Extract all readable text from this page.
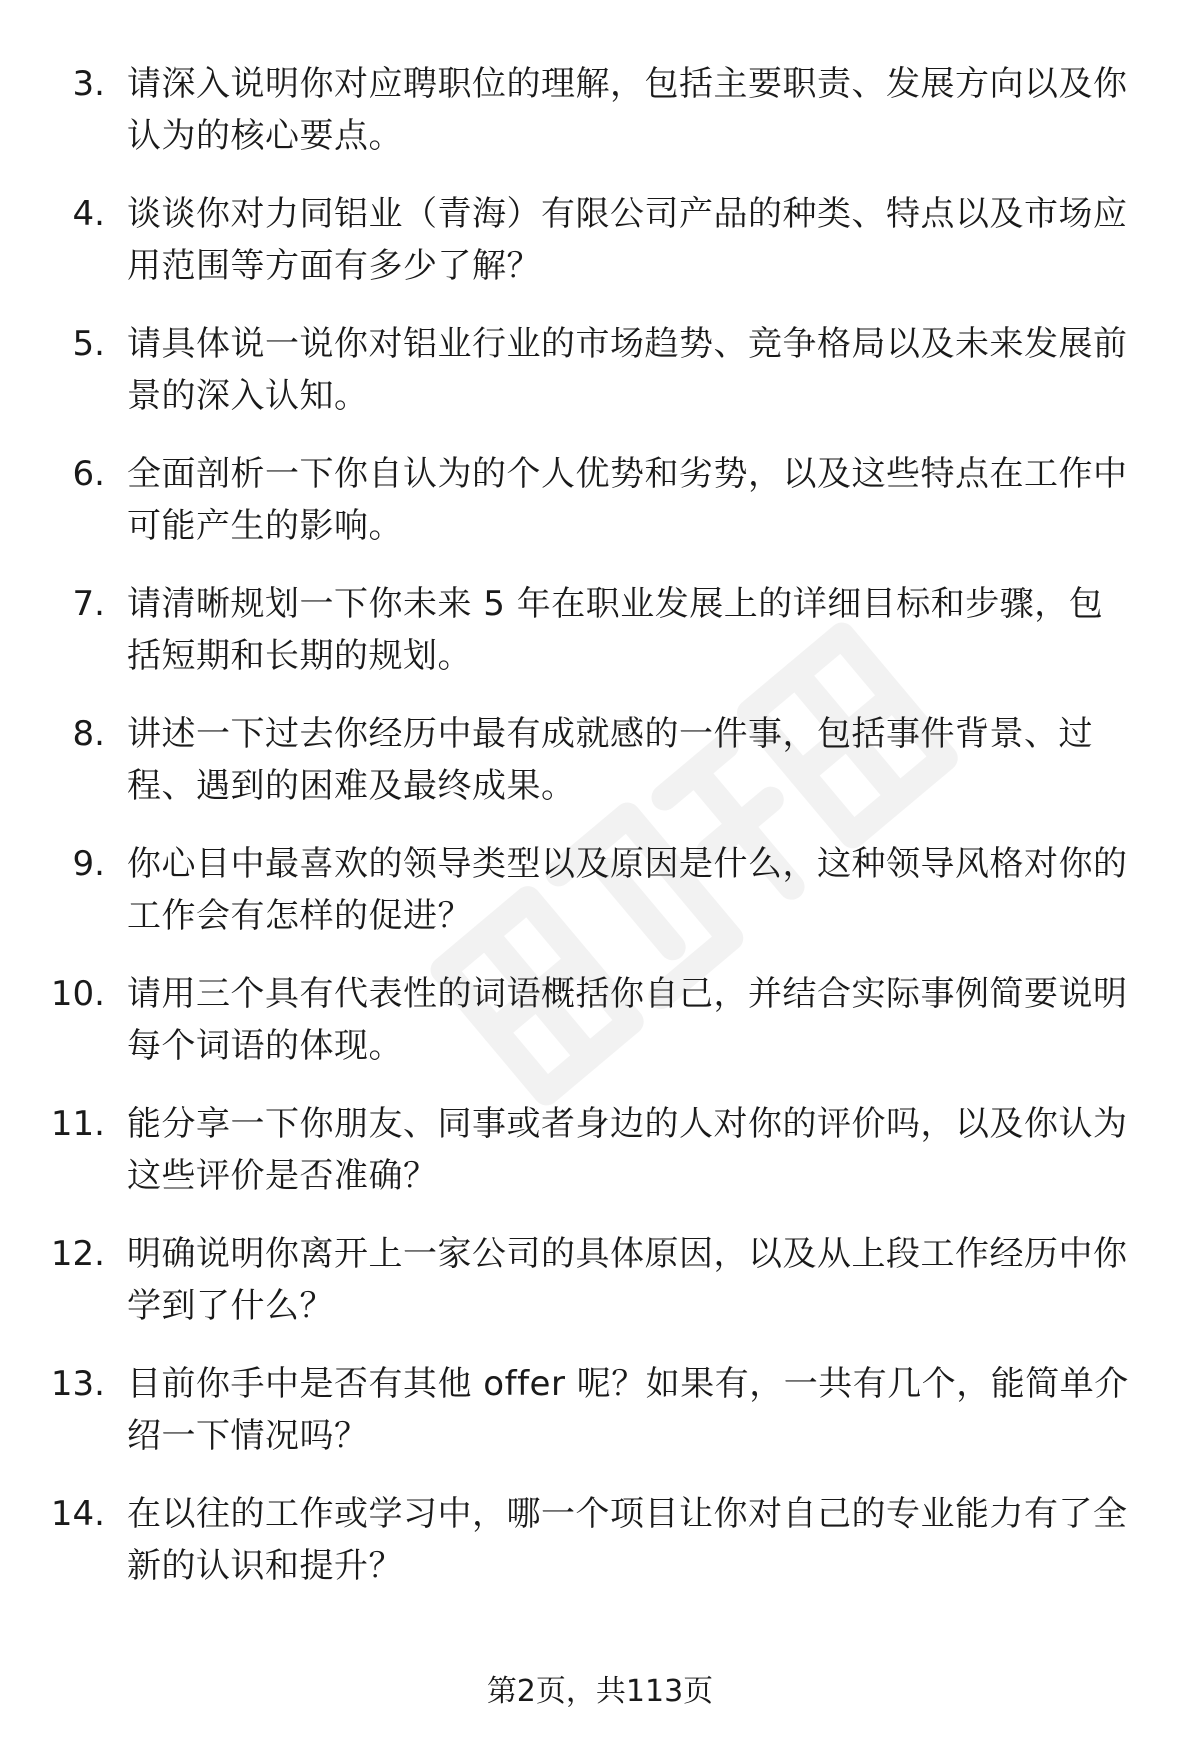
3. 请深入说明你对应聘职位的理解，包括主要职责、发展方向以及你认为的核心要点。
4. 谈谈你对力同铝业（青海）有限公司产品的种类、特点以及市场应用范围等方面有多少了解？
5. 请具体说一说你对铝业行业的市场趋势、竞争格局以及未来发展前景的深入认知。
6. 全面剖析一下你自认为的个人优势和劣势，以及这些特点在工作中可能产生的影响。
7. 请清晰规划一下你未来 5 年在职业发展上的详细目标和步骤，包括短期和长期的规划。
8. 讲述一下过去你经历中最有成就感的一件事，包括事件背景、过程、遇到的困难及最终成果。
9. 你心目中最喜欢的领导类型以及原因是什么，这种领导风格对你的工作会有怎样的促进？
10. 请用三个具有代表性的词语概括你自己，并结合实际事例简要说明每个词语的体现。
11. 能分享一下你朋友、同事或者身边的人对你的评价吗，以及你认为这些评价是否准确？
12. 明确说明你离开上一家公司的具体原因，以及从上段工作经历中你学到了什么？
13. 目前你手中是否有其他 offer 呢？如果有，一共有几个，能简单介绍一下情况吗？
14. 在以往的工作或学习中，哪一个项目让你对自己的专业能力有了全新的认识和提升？
第2页，共113页
